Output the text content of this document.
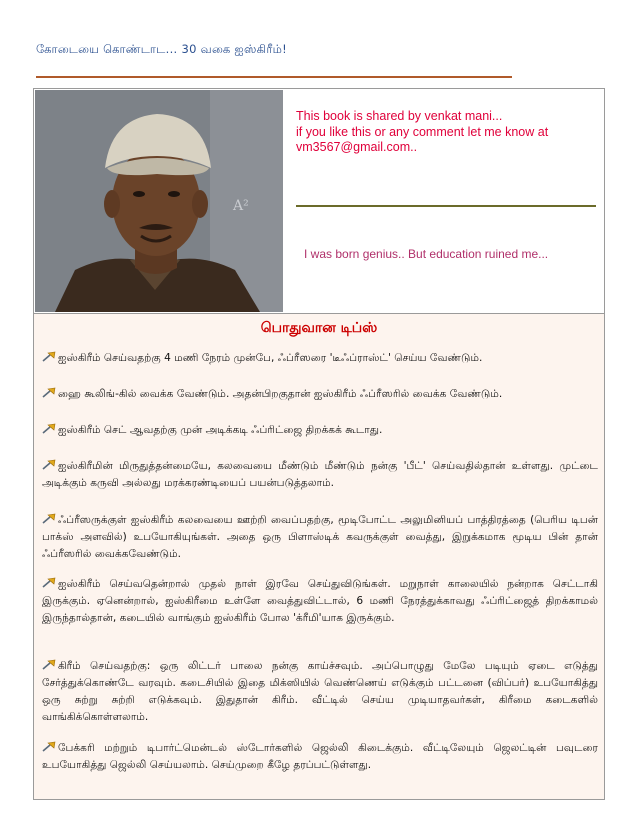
கோடையை கொண்டாட... 30 வகை ஐஸ்கிரீம்!
A²

This book is shared by venkat mani...

if you like this or any comment let me know at

vm3567@gmail.com..

I was born genius.. But education ruined me...
பொதுவான டிப்ஸ்
ஐஸ்கிரீம் செய்வதற்கு 4 மணி நேரம் முன்பே, ஃப்ரீஸரை 'டீஃப்ராஸ்ட்' செய்ய வேண்டும்.
ஹை கூலிங்-கில் வைக்க வேண்டும். அதன்பிறகுதான் ஐஸ்கிரீம் ஃப்ரீஸரில் வைக்க வேண்டும்.
ஐஸ்கிரீம் செட் ஆவதற்கு முன் அடிக்கடி ஃப்ரிட்ஜை திறக்கக் கூடாது.
ஐஸ்கிரீமின் மிருதுத்தன்மையே, கலவையை மீண்டும் மீண்டும் நன்கு 'பீட்' செய்வதில்தான் உள்ளது. முட்டை அடிக்கும் கருவி அல்லது மரக்கரண்டியைப் பயன்படுத்தலாம்.
ஃப்ரீஸருக்குள் ஐஸ்கிரீம் கலவையை ஊற்றி வைப்பதற்கு, மூடிபோட்ட அலுமினியப் பாத்திரத்தை (பெரிய டிபன் பாக்ஸ் அளவில்) உபயோகியுங்கள். அதை ஒரு பிளாஸ்டிக் கவருக்குள் வைத்து, இறுக்கமாக மூடிய பின் தான் ஃப்ரீஸரில் வைக்கவேண்டும்.
ஐஸ்கிரீம் செய்வதென்றால் முதல் நாள் இரவே செய்துவிடுங்கள். மறுநாள் காலையில் நன்றாக செட்டாகி இருக்கும். ஏனென்றால், ஐஸ்கிரீமை உள்ளே வைத்துவிட்டால், 6 மணி நேரத்துக்காவது ஃப்ரிட்ஜைத் திறக்காமல் இருந்தால்தான், கடையில் வாங்கும் ஐஸ்கிரீம் போல 'க்ரீமி'யாக இருக்கும்.
கிரீம் செய்வதற்கு: ஒரு லிட்டர் பாலை நன்கு காய்ச்சவும். அப்பொழுது மேலே படியும் ஏடை எடுத்து சேர்த்துக்கொண்டே வரவும். கடைசியில் இதை மிக்ஸியில் வெண்ணெய் எடுக்கும் பட்டனை (விப்பர்) உபயோகித்து ஒரு சுற்று சுற்றி எடுக்கவும். இதுதான் கிரீம். வீட்டில் செய்ய முடியாதவர்கள், கிரீமை கடைகளில் வாங்கிக்கொள்ளலாம்.
பேக்கரி மற்றும் டிபார்ட்மென்டல் ஸ்டோர்களில் ஜெல்லி கிடைக்கும். வீட்டிலேயும் ஜெலட்டின் பவுடரை உபயோகித்து ஜெல்லி செய்யலாம். செய்முறை கீழே தரப்பட்டுள்ளது.
